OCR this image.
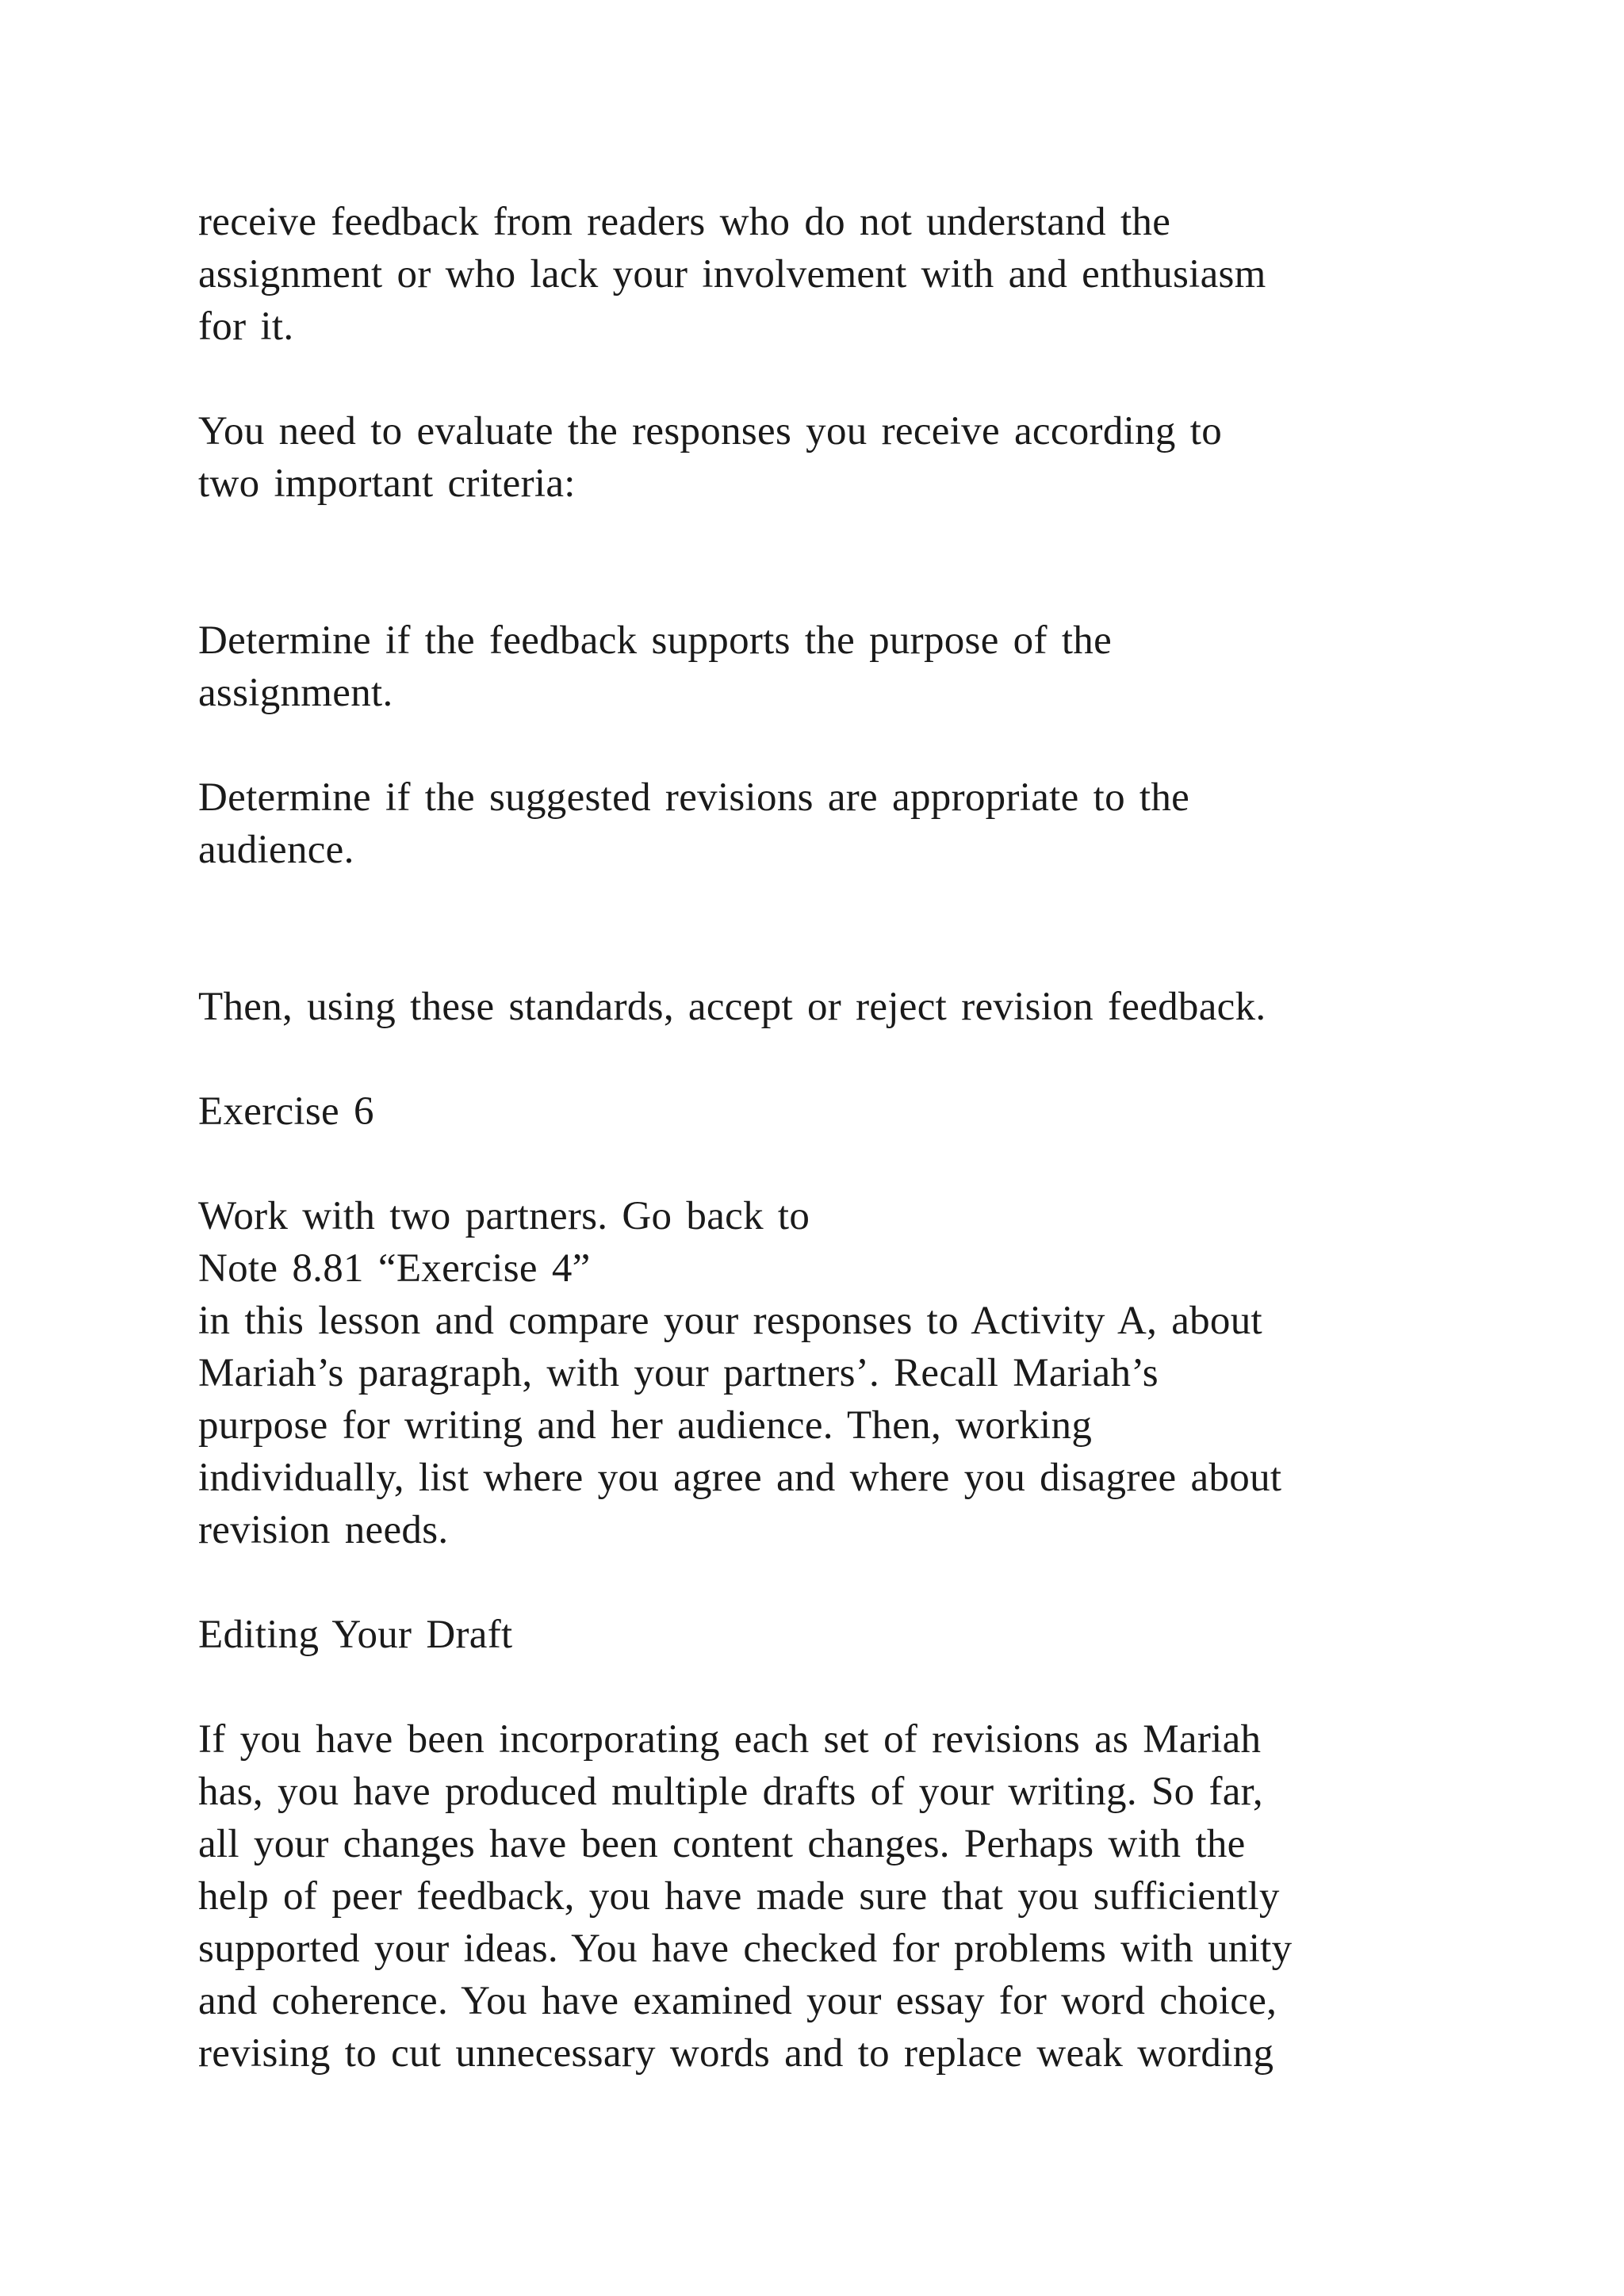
receive feedback from readers who do not understand the

assignment or who lack your involvement with and enthusiasm

for it.

You need to evaluate the responses you receive according to

two important criteria:

Determine if the feedback supports the purpose of the

assignment.

Determine if the suggested revisions are appropriate to the

audience.

Then, using these standards, accept or reject revision feedback.

Exercise 6

Work with two partners. Go back to

Note 8.81 “Exercise 4”

in this lesson and compare your responses to Activity A, about

Mariah’s paragraph, with your partners’. Recall Mariah’s

purpose for writing and her audience. Then, working

individually, list where you agree and where you disagree about

revision needs.

Editing Your Draft

If you have been incorporating each set of revisions as Mariah

has, you have produced multiple drafts of your writing. So far,

all your changes have been content changes. Perhaps with the

help of peer feedback, you have made sure that you sufficiently

supported your ideas. You have checked for problems with unity

and coherence. You have examined your essay for word choice,

revising to cut unnecessary words and to replace weak wording
